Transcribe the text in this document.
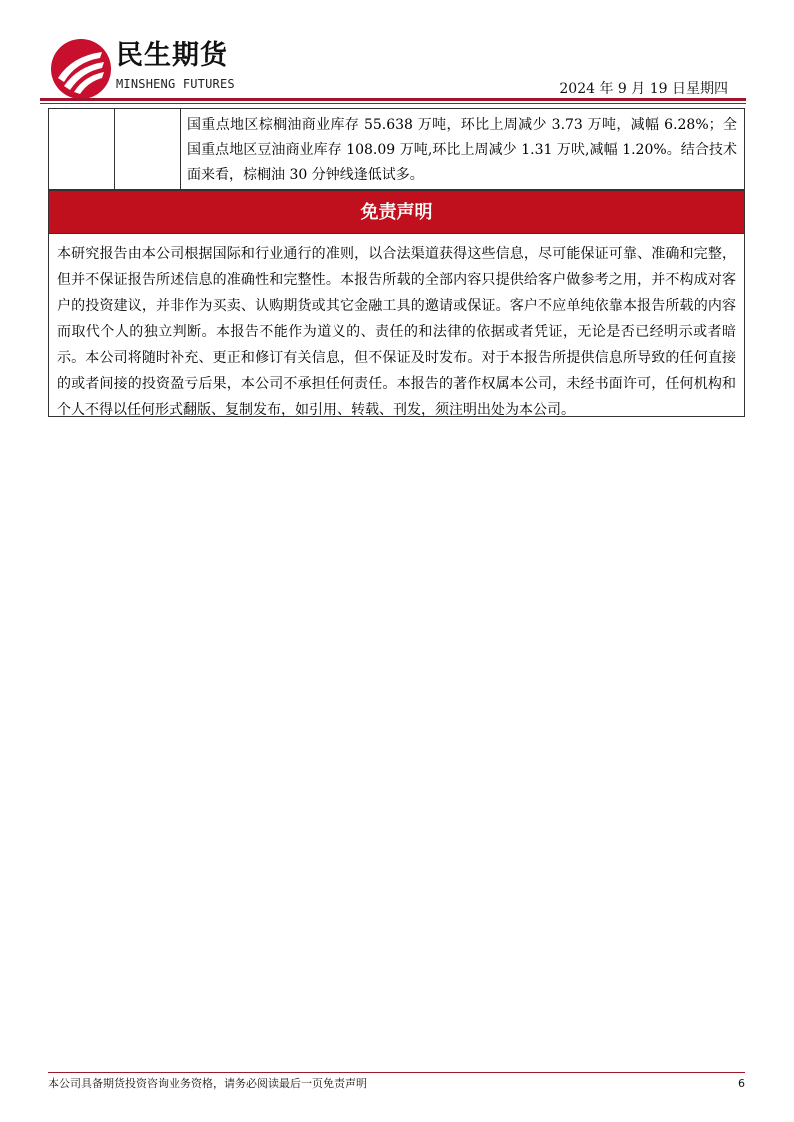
民生期货
MINSHENG FUTURES	2024 年 9 月 19 日星期四
国重点地区棕榈油商业库存 55.638 万吨，环比上周减少 3.73 万吨，减幅 6.28%；全国重点地区豆油商业库存 108.09 万吨,环比上周减少 1.31 万吠,减幅 1.20%。结合技术面来看，棕榈油 30 分钟线逢低试多。
免责声明
本研究报告由本公司根据国际和行业通行的准则，以合法渠道获得这些信息，尽可能保证可靠、准确和完整，但并不保证报告所述信息的准确性和完整性。本报告所载的全部内容只提供给客户做参考之用，并不构成对客户的投资建议，并非作为买卖、认购期货或其它金融工具的邀请或保证。客户不应单纯依靠本报告所载的内容而取代个人的独立判断。本报告不能作为道义的、责任的和法律的依据或者凭证，无论是否已经明示或者暗示。本公司将随时补充、更正和修订有关信息，但不保证及时发布。对于本报告所提供信息所导致的任何直接的或者间接的投资盈亏后果，本公司不承担任何责任。本报告的著作权属本公司，未经书面许可，任何机构和个人不得以任何形式翻版、复制发布，如引用、转载、刊发，须注明出处为本公司。
本公司具备期货投资咨询业务资格，请务必阅读最后一页免责声明	6
